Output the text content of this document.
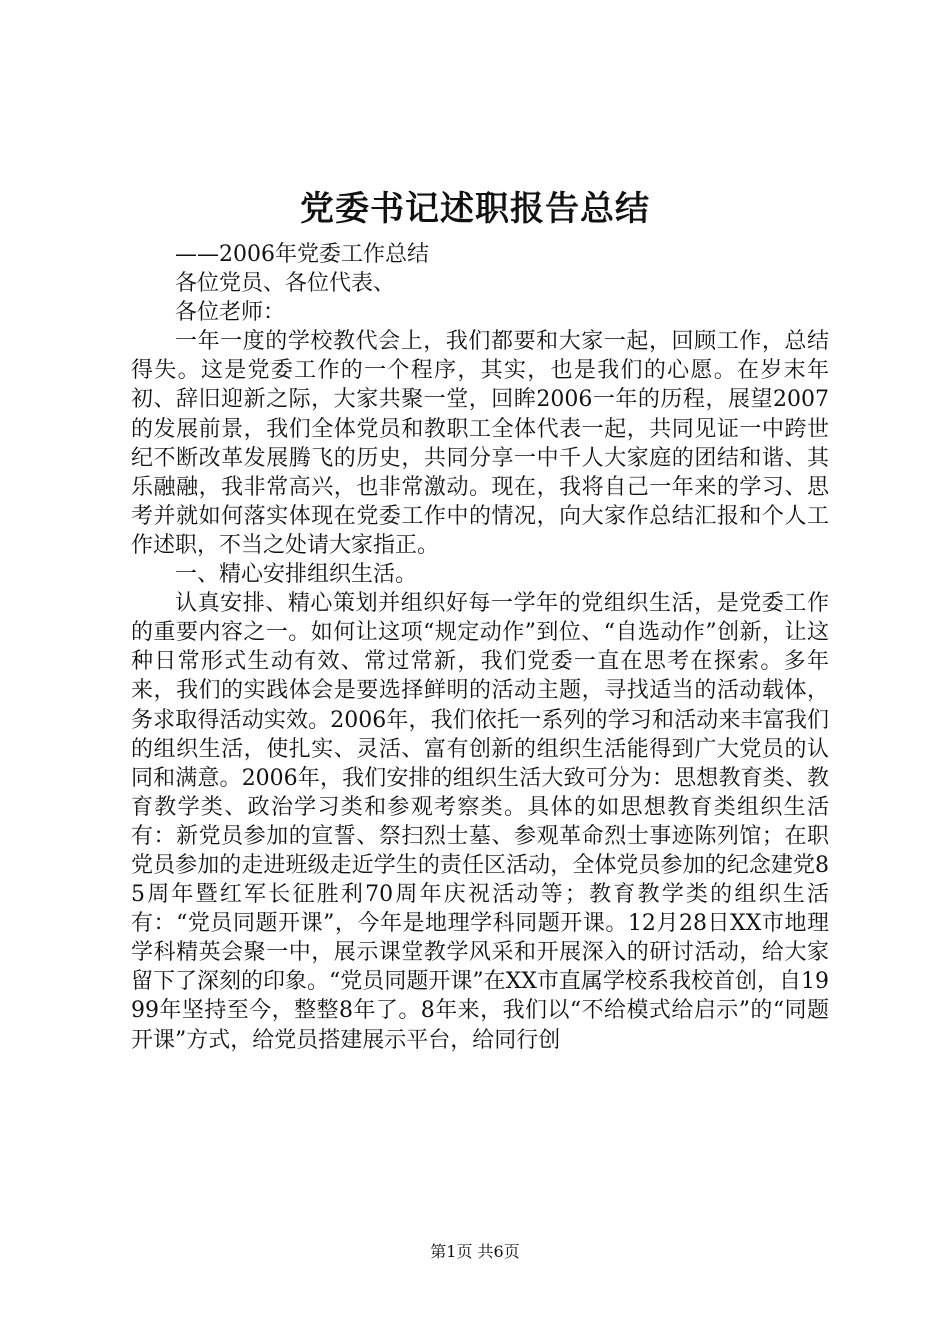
党委书记述职报告总结

——2006年党委工作总结

各位党员、各位代表、

各位老师：

一年一度的学校教代会上，我们都要和大家一起，回顾工作，总结得失。这是党委工作的一个程序，其实，也是我们的心愿。在岁末年初、辞旧迎新之际，大家共聚一堂，回眸2006一年的历程，展望2007的发展前景，我们全体党员和教职工全体代表一起，共同见证一中跨世纪不断改革发展腾飞的历史，共同分享一中千人大家庭的团结和谐、其乐融融，我非常高兴，也非常激动。现在，我将自己一年来的学习、思考并就如何落实体现在党委工作中的情况，向大家作总结汇报和个人工作述职，不当之处请大家指正。

一、精心安排组织生活。

认真安排、精心策划并组织好每一学年的党组织生活，是党委工作的重要内容之一。如何让这项“规定动作”到位、“自选动作”创新，让这种日常形式生动有效、常过常新，我们党委一直在思考在探索。多年来，我们的实践体会是要选择鲜明的活动主题，寻找适当的活动载体，务求取得活动实效。2006年，我们依托一系列的学习和活动来丰富我们的组织生活，使扎实、灵活、富有创新的组织生活能得到广大党员的认同和满意。2006年，我们安排的组织生活大致可分为：思想教育类、教育教学类、政治学习类和参观考察类。具体的如思想教育类组织生活有：新党员参加的宣誓、祭扫烈士墓、参观革命烈士事迹陈列馆；在职党员参加的走进班级走近学生的责任区活动，全体党员参加的纪念建党85周年暨红军长征胜利70周年庆祝活动等；教育教学类的组织生活有：“党员同题开课”，今年是地理学科同题开课。12月28日XX市地理学科精英会聚一中，展示课堂教学风采和开展深入的研讨活动，给大家留下了深刻的印象。“党员同题开课”在XX市直属学校系我校首创，自1999年坚持至今，整整8年了。8年来，我们以“不给模式给启示”的“同题开课”方式，给党员搭建展示平台，给同行创

第1页 共6页
